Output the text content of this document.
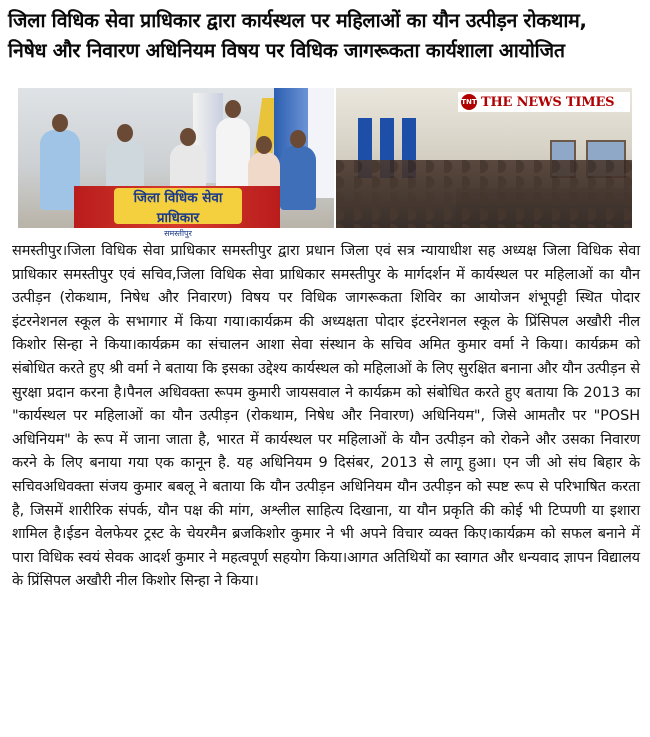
जिला विधिक सेवा प्राधिकार द्वारा कार्यस्थल पर महिलाओं का यौन उत्पीड़न रोकथाम,
निषेध और निवारण अधिनियम विषय पर विधिक जागरूकता कार्यशाला आयोजित
जिला विधिक सेवा प्राधिकार
समस्तीपुर
TNT THE NEWS TIMES
समस्तीपुर।जिला विधिक सेवा प्राधिकार समस्तीपुर द्वारा प्रधान जिला एवं सत्र न्यायाधीश सह अध्यक्ष जिला विधिक सेवा प्राधिकार समस्तीपुर एवं सचिव,जिला विधिक सेवा प्राधिकार समस्तीपुर के मार्गदर्शन में कार्यस्थल पर महिलाओं का यौन उत्पीड़न (रोकथाम, निषेध और निवारण) विषय पर विधिक जागरूकता शिविर का आयोजन शंभूपट्टी स्थित पोदार इंटरनेशनल स्कूल के सभागार में किया गया।कार्यक्रम की अध्यक्षता पोदार इंटरनेशनल स्कूल के प्रिंसिपल अखौरी नील किशोर सिन्हा ने किया।कार्यक्रम का संचालन आशा सेवा संस्थान के सचिव अमित कुमार वर्मा ने किया। कार्यक्रम को संबोधित करते हुए श्री वर्मा ने बताया कि इसका उद्देश्य कार्यस्थल को महिलाओं के लिए सुरक्षित बनाना और यौन उत्पीड़न से सुरक्षा प्रदान करना है।पैनल अधिवक्ता रूपम कुमारी जायसवाल ने कार्यक्रम को संबोधित करते हुए बताया कि 2013 का "कार्यस्थल पर महिलाओं का यौन उत्पीड़न (रोकथाम, निषेध और निवारण) अधिनियम", जिसे आमतौर पर "POSH अधिनियम" के रूप में जाना जाता है, भारत में कार्यस्थल पर महिलाओं के यौन उत्पीड़न को रोकने और उसका निवारण करने के लिए बनाया गया एक कानून है. यह अधिनियम 9 दिसंबर, 2013 से लागू हुआ। एन जी ओ संघ बिहार के सचिवअधिवक्ता संजय कुमार बबलू ने बताया कि यौन उत्पीड़न अधिनियम यौन उत्पीड़न को स्पष्ट रूप से परिभाषित करता है, जिसमें शारीरिक संपर्क, यौन पक्ष की मांग, अश्लील साहित्य दिखाना, या यौन प्रकृति की कोई भी टिप्पणी या इशारा शामिल है।ईडन वेलफेयर ट्रस्ट के चेयरमैन ब्रजकिशोर कुमार ने भी अपने विचार व्यक्त किए।कार्यक्रम को सफल बनाने में पारा विधिक स्वयं सेवक आदर्श कुमार ने महत्वपूर्ण सहयोग किया।आगत अतिथियों का स्वागत और धन्यवाद ज्ञापन विद्यालय के प्रिंसिपल अखौरी नील किशोर सिन्हा ने किया।
